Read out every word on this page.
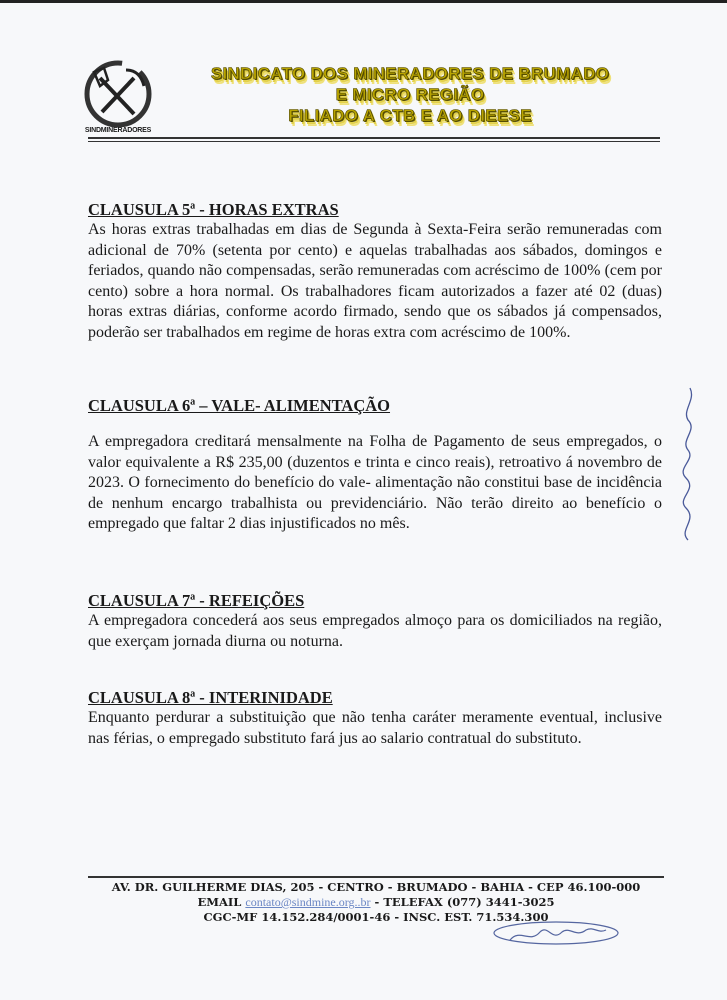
SINDMINERADORES
SINDICATO DOS MINERADORES DE BRUMADO
E MICRO REGIÃO
FILIADO A CTB E AO DIEESE

CLAUSULA 5ª - HORAS EXTRAS

As horas extras trabalhadas em dias de Segunda à Sexta-Feira serão remuneradas com adicional de 70% (setenta por cento) e aquelas trabalhadas aos sábados, domingos e feriados, quando não compensadas, serão remuneradas com acréscimo de 100% (cem por cento) sobre a hora normal. Os trabalhadores ficam autorizados a fazer até 02 (duas) horas extras diárias, conforme acordo firmado, sendo que os sábados já compensados, poderão ser trabalhados em regime de horas extra com acréscimo de 100%.

CLAUSULA 6ª – VALE- ALIMENTAÇÃO

A empregadora creditará mensalmente na Folha de Pagamento de seus empregados, o valor equivalente a R$ 235,00 (duzentos e trinta e cinco reais), retroativo á novembro de 2023. O fornecimento do benefício do vale- alimentação não constitui base de incidência de nenhum encargo trabalhista ou previdenciário. Não terão direito ao benefício o empregado que faltar 2 dias injustificados no mês.

CLAUSULA 7ª - REFEIÇÕES

A empregadora concederá aos seus empregados almoço para os domiciliados na região, que exerçam jornada diurna ou noturna.

CLAUSULA 8ª - INTERINIDADE

Enquanto perdurar a substituição que não tenha caráter meramente eventual, inclusive nas férias, o empregado substituto fará jus ao salario contratual do substituto.

AV. DR. GUILHERME DIAS, 205 - CENTRO - BRUMADO - BAHIA - CEP 46.100-000
EMAIL contato@sindmine.org..br - TELEFAX (077) 3441-3025
CGC-MF 14.152.284/0001-46 - INSC. EST. 71.534.300
